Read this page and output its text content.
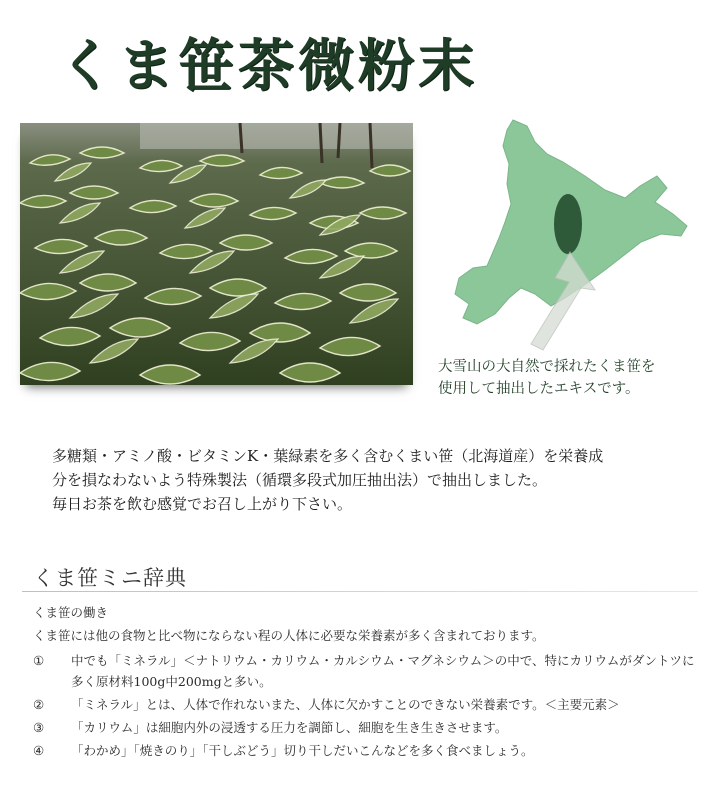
くま笹茶微粉末
大雪山の大自然で採れたくま笹を
使用して抽出したエキスです。
多糖類・アミノ酸・ビタミンK・葉緑素を多く含むくまい笹（北海道産）を栄養成
分を損なわないよう特殊製法（循環多段式加圧抽出法）で抽出しました。
毎日お茶を飲む感覚でお召し上がり下さい。
くま笹ミニ辞典
くま笹の働き
くま笹には他の食物と比べ物にならない程の人体に必要な栄養素が多く含まれております。
①	中でも「ミネラル」＜ナトリウム・カリウム・カルシウム・マグネシウム＞の中で、特にカリウムがダントツに多く原材料100g中200mgと多い。
②	「ミネラル」とは、人体で作れないまた、人体に欠かすことのできない栄養素です。＜主要元素＞
③	「カリウム」は細胞内外の浸透する圧力を調節し、細胞を生き生きさせます。
④	「わかめ」「焼きのり」「干しぶどう」切り干しだいこんなどを多く食べましょう。
